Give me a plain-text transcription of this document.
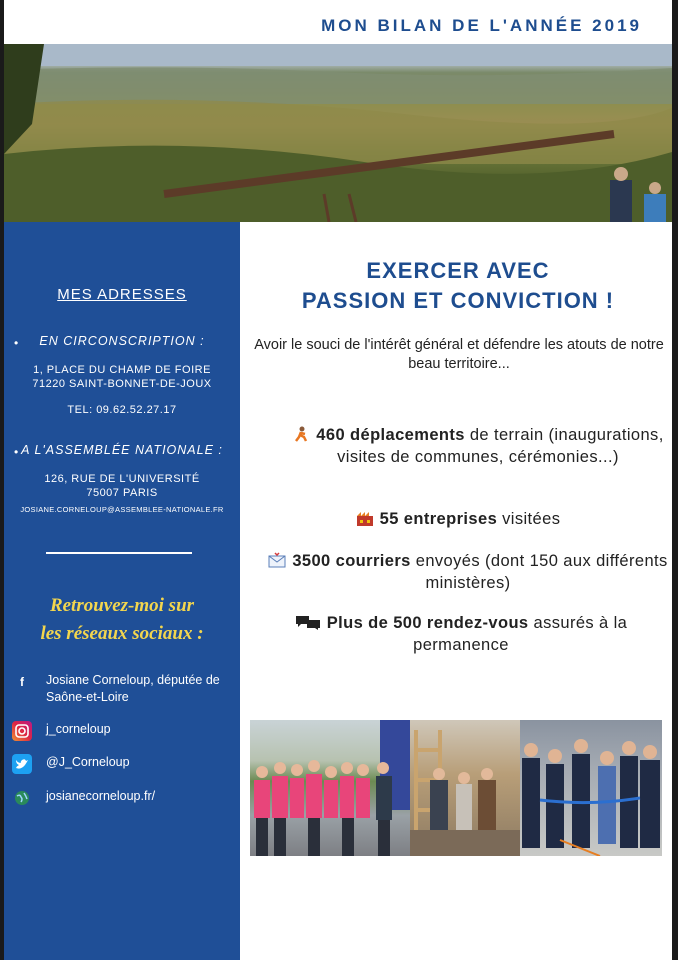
MON BILAN DE L'ANNÉE 2019
MES ADRESSES
•	EN CIRCONSCRIPTION :
1, PLACE DU CHAMP DE FOIRE
71220 SAINT-BONNET-DE-JOUX
TEL: 09.62.52.27.17
• A L'ASSEMBLÉE NATIONALE :
126, RUE DE L'UNIVERSITÉ
75007 PARIS
JOSIANE.CORNELOUP@ASSEMBLEE-NATIONALE.FR
Retrouvez-moi sur
les réseaux sociaux :
f	Josiane Corneloup, députée de Saône-et-Loire
j_corneloup
@J_Corneloup
josianecorneloup.fr/
EXERCER AVEC
PASSION ET CONVICTION !
Avoir le souci de l'intérêt général et défendre les atouts de notre beau territoire...
460 déplacements de terrain (inaugurations, visites de communes, cérémonies...)
55 entreprises visitées
3500 courriers envoyés (dont 150 aux différents ministères)
Plus de 500 rendez-vous assurés à la permanence
